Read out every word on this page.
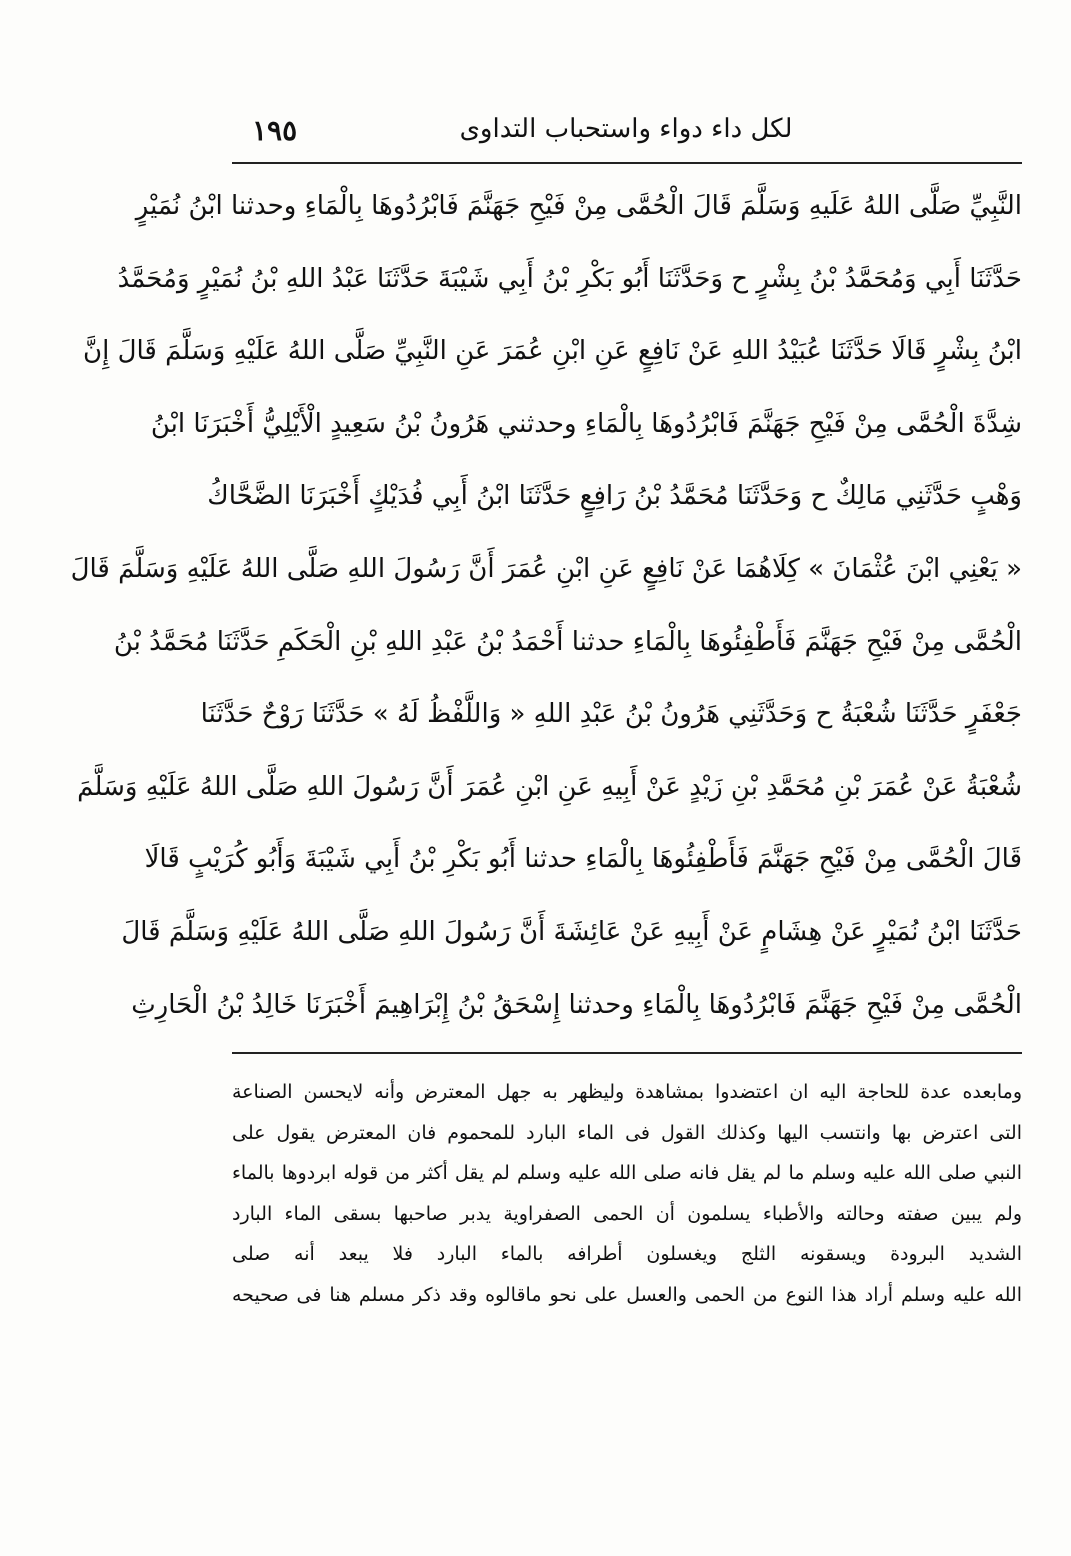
١٩٥	لكل داء دواء واستحباب التداوى
النَّبِيِّ صَلَّى اللهُ عَلَيهِ وَسَلَّمَ قَالَ الْحُمَّى مِنْ فَيْحِ جَهَنَّمَ فَابْرُدُوهَا بِالْمَاءِ وحدثنا ابْنُ نُمَيْرٍ
حَدَّثَنَا أَبِي وَمُحَمَّدُ بْنُ بِشْرٍ ح وَحَدَّثَنَا أَبُو بَكْرِ بْنُ أَبِي شَيْبَةَ حَدَّثَنَا عَبْدُ اللهِ بْنُ نُمَيْرٍ وَمُحَمَّدُ
ابْنُ بِشْرٍ قَالَا حَدَّثَنَا عُبَيْدُ اللهِ عَنْ نَافِعٍ عَنِ ابْنِ عُمَرَ عَنِ النَّبِيِّ صَلَّى اللهُ عَلَيْهِ وَسَلَّمَ قَالَ إِنَّ
شِدَّةَ الْحُمَّى مِنْ فَيْحِ جَهَنَّمَ فَابْرُدُوهَا بِالْمَاءِ وحدثني هَرُونُ بْنُ سَعِيدٍ الْأَيْلِيُّ أَخْبَرَنَا ابْنُ
وَهْبٍ حَدَّثَنِي مَالِكٌ ح وَحَدَّثَنَا مُحَمَّدُ بْنُ رَافِعٍ حَدَّثَنَا ابْنُ أَبِي فُدَيْكٍ أَخْبَرَنَا الضَّحَّاكُ
« يَعْنِي ابْنَ عُثْمَانَ » كِلَاهُمَا عَنْ نَافِعٍ عَنِ ابْنِ عُمَرَ أَنَّ رَسُولَ اللهِ صَلَّى اللهُ عَلَيْهِ وَسَلَّمَ قَالَ
الْحُمَّى مِنْ فَيْحِ جَهَنَّمَ فَأَطْفِئُوهَا بِالْمَاءِ حدثنا أَحْمَدُ بْنُ عَبْدِ اللهِ بْنِ الْحَكَمِ حَدَّثَنَا مُحَمَّدُ بْنُ
جَعْفَرٍ حَدَّثَنَا شُعْبَةُ ح وَحَدَّثَنِي هَرُونُ بْنُ عَبْدِ اللهِ « وَاللَّفْظُ لَهُ » حَدَّثَنَا رَوْحٌ حَدَّثَنَا
شُعْبَةُ عَنْ عُمَرَ بْنِ مُحَمَّدِ بْنِ زَيْدٍ عَنْ أَبِيهِ عَنِ ابْنِ عُمَرَ أَنَّ رَسُولَ اللهِ صَلَّى اللهُ عَلَيْهِ وَسَلَّمَ
قَالَ الْحُمَّى مِنْ فَيْحِ جَهَنَّمَ فَأَطْفِئُوهَا بِالْمَاءِ حدثنا أَبُو بَكْرِ بْنُ أَبِي شَيْبَةَ وَأَبُو كُرَيْبٍ قَالَا
حَدَّثَنَا ابْنُ نُمَيْرٍ عَنْ هِشَامٍ عَنْ أَبِيهِ عَنْ عَائِشَةَ أَنَّ رَسُولَ اللهِ صَلَّى اللهُ عَلَيْهِ وَسَلَّمَ قَالَ
الْحُمَّى مِنْ فَيْحِ جَهَنَّمَ فَابْرُدُوهَا بِالْمَاءِ وحدثنا إِسْحَقُ بْنُ إِبْرَاهِيمَ أَخْبَرَنَا خَالِدُ بْنُ الْحَارِثِ
ومابعده عدة للحاجة اليه ان اعتضدوا بمشاهدة وليظهر به جهل المعترض وأنه لايحسن الصناعة
التى اعترض بها وانتسب اليها وكذلك القول فى الماء البارد للمحموم فان المعترض يقول على
النبي صلى الله عليه وسلم ما لم يقل فانه صلى الله عليه وسلم لم يقل أكثر من قوله ابردوها بالماء
ولم يبين صفته وحالته والأطباء يسلمون أن الحمى الصفراوية يدبر صاحبها بسقى الماء البارد
الشديد البرودة ويسقونه الثلج ويغسلون أطرافه بالماء البارد فلا يبعد أنه صلى
الله عليه وسلم أراد هذا النوع من الحمى والعسل على نحو ماقالوه وقد ذكر مسلم هنا فى صحيحه
